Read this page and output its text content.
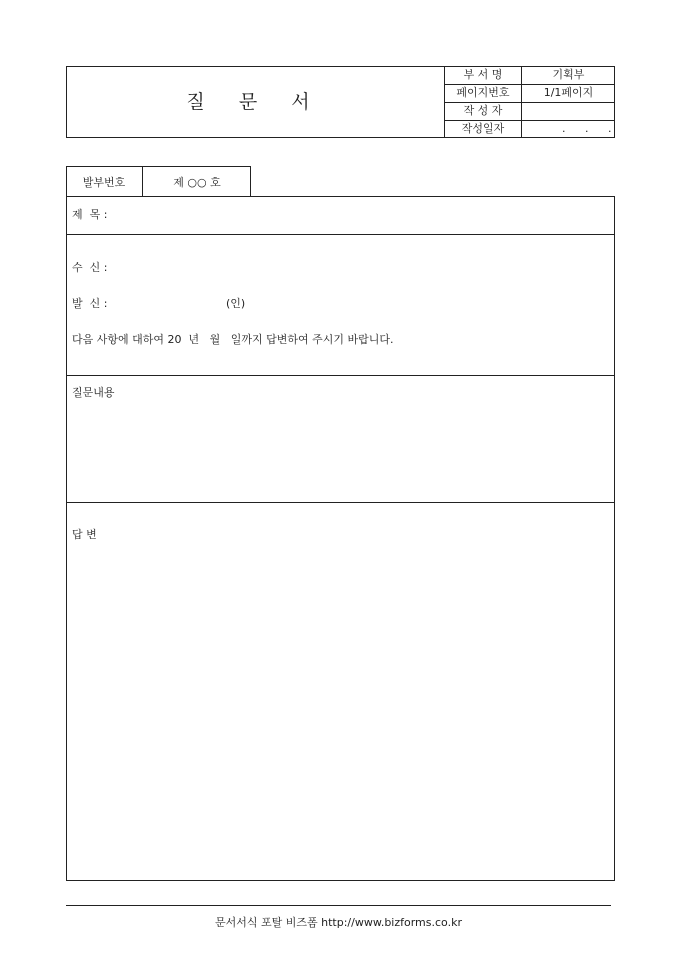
질 문 서
부 서 명	기획부
페이지번호	1/1페이지
작 성 자
작성일자	. . .
발부번호	제 ○○ 호
제  목 :
수  신 :
발  신 :	(인)
다음 사항에 대하여 20  년   월   일까지 답변하여 주시기 바랍니다.
질문내용
답 변
문서서식 포탈 비즈폼 http://www.bizforms.co.kr
